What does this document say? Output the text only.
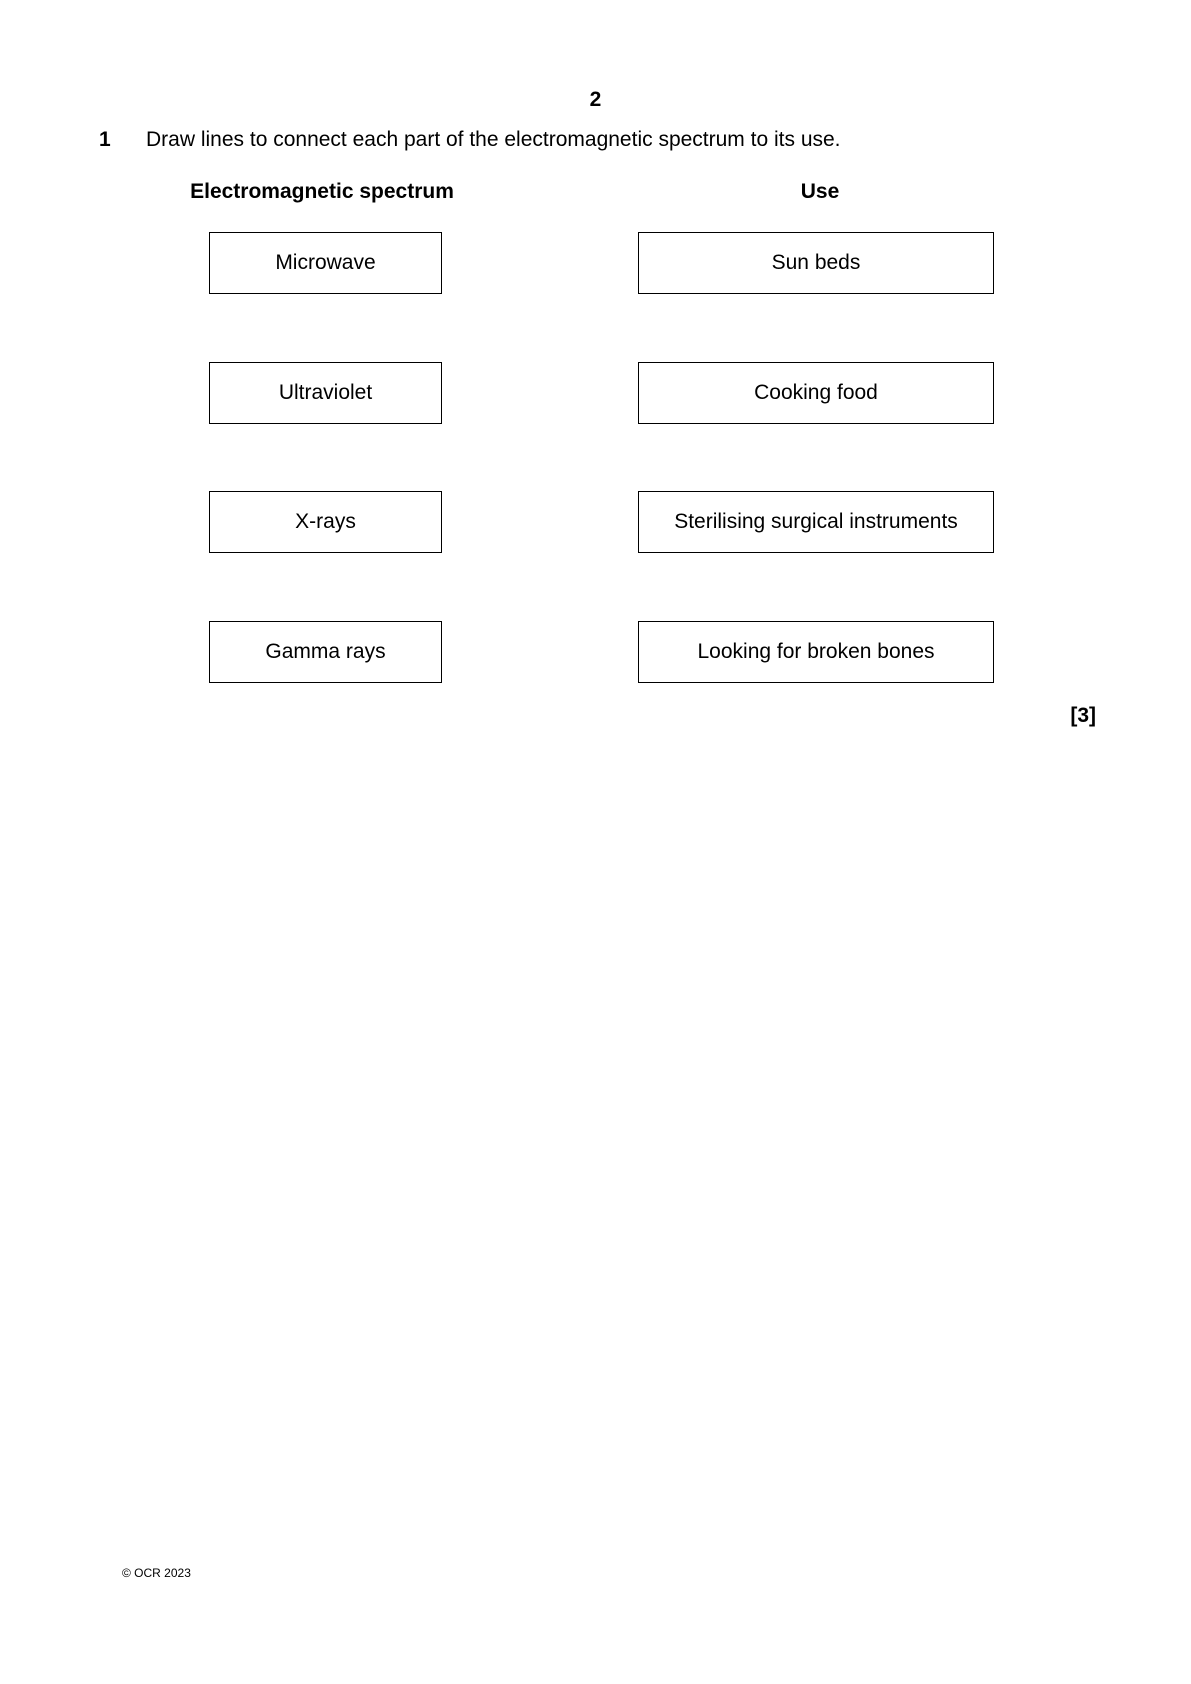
2
1 Draw lines to connect each part of the electromagnetic spectrum to its use.
Electromagnetic spectrum	Use
Microwave
Ultraviolet
X-rays
Gamma rays
Sun beds
Cooking food
Sterilising surgical instruments
Looking for broken bones
[3]
© OCR 2023
